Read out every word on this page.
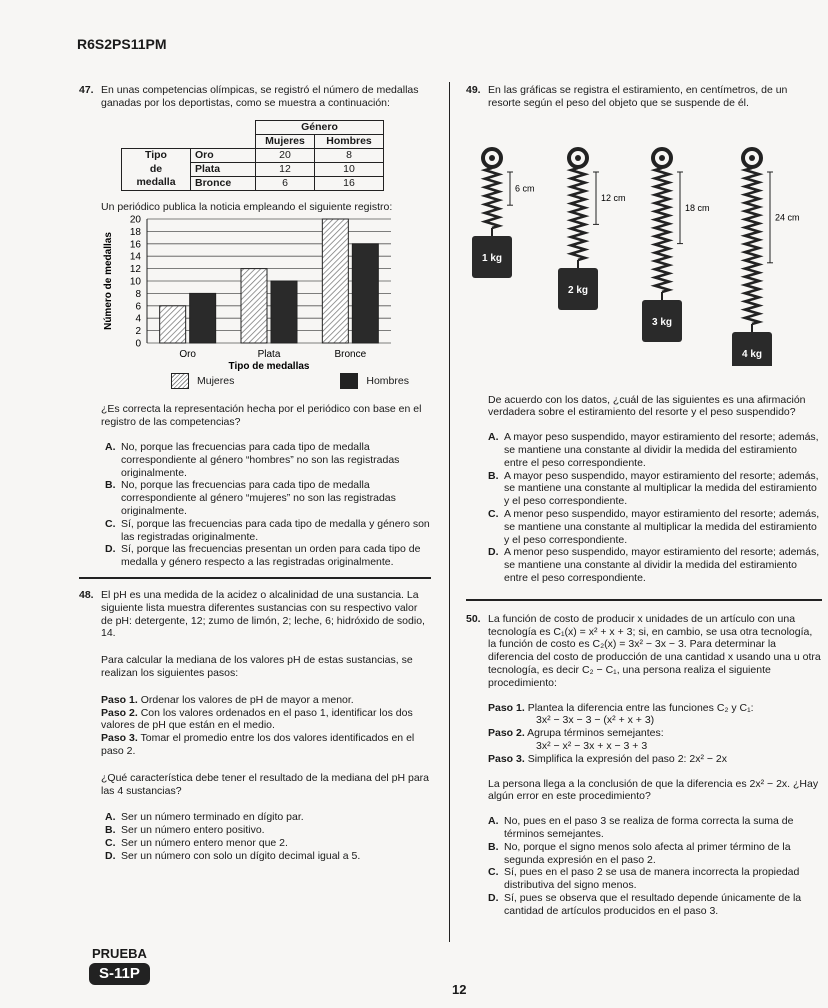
R6S2PS11PM

47. En unas competencias olímpicas, se registró el número de medallas ganadas por los deportistas, como se muestra a continuación:

		Género	
		Mujeres	Hombres

Tipo
de
medalla	Oro	20	8
	Plata	12	10
	Bronce	6	16

Un periódico publica la noticia empleando el siguiente registro:

0
2
4
6
8
10
12
14
16
18
20
Número de medallas
Oro	Plata	Bronce
Tipo de medallas
Mujeres	Hombres

¿Es correcta la representación hecha por el periódico con base en el registro de las competencias?

A. No, porque las frecuencias para cada tipo de medalla correspondiente al género “hombres” no son las registradas originalmente.

B. No, porque las frecuencias para cada tipo de medalla correspondiente al género “mujeres” no son las registradas originalmente.

C. Sí, porque las frecuencias para cada tipo de medalla y género son las registradas originalmente.

D. Sí, porque las frecuencias presentan un orden para cada tipo de medalla y género respecto a las registradas originalmente.

48. El pH es una medida de la acidez o alcalinidad de una sustancia. La siguiente lista muestra diferentes sustancias con su respectivo valor de pH: detergente, 12; zumo de limón, 2; leche, 6; hidróxido de sodio, 14.

Para calcular la mediana de los valores pH de estas sustancias, se realizan los siguientes pasos:

Paso 1. Ordenar los valores de pH de mayor a menor.

Paso 2. Con los valores ordenados en el paso 1, identificar los dos valores de pH que están en el medio.

Paso 3. Tomar el promedio entre los dos valores identificados en el paso 2.

¿Qué característica debe tener el resultado de la mediana del pH para las 4 sustancias?

A. Ser un número terminado en dígito par.

B. Ser un número entero positivo.

C. Ser un número entero menor que 2.

D. Ser un número con solo un dígito decimal igual a 5.

49. En las gráficas se registra el estiramiento, en centímetros, de un resorte según el peso del objeto que se suspende de él.

1 kg
6 cm
2 kg
12 cm
3 kg
18 cm
4 kg
24 cm

De acuerdo con los datos, ¿cuál de las siguientes es una afirmación verdadera sobre el estiramiento del resorte y el peso suspendido?

A. A mayor peso suspendido, mayor estiramiento del resorte; además, se mantiene una constante al dividir la medida del estiramiento entre el peso correspondiente.

B. A mayor peso suspendido, mayor estiramiento del resorte; además, se mantiene una constante al multiplicar la medida del estiramiento y el peso correspondiente.

C. A menor peso suspendido, mayor estiramiento del resorte; además, se mantiene una constante al multiplicar la medida del estiramiento y el peso correspondiente.

D. A menor peso suspendido, mayor estiramiento del resorte; además, se mantiene una constante al dividir la medida del estiramiento entre el peso correspondiente.

50. La función de costo de producir x unidades de un artículo con una tecnología es C₁(x) = x² + x + 3; si, en cambio, se usa otra tecnología, la función de costo es C₂(x) = 3x² − 3x − 3. Para determinar la diferencia del costo de producción de una cantidad x usando una u otra tecnología, es decir C₂ − C₁, una persona realiza el siguiente procedimiento:

Paso 1. Plantea la diferencia entre las funciones C₂ y C₁:

3x² − 3x − 3 − (x² + x + 3)

Paso 2. Agrupa términos semejantes:

3x² − x² − 3x + x − 3 + 3

Paso 3. Simplifica la expresión del paso 2: 2x² − 2x

La persona llega a la conclusión de que la diferencia es 2x² − 2x. ¿Hay algún error en este procedimiento?

A. No, pues en el paso 3 se realiza de forma correcta la suma de términos semejantes.

B. No, porque el signo menos solo afecta al primer término de la segunda expresión en el paso 2.

C. Sí, pues en el paso 2 se usa de manera incorrecta la propiedad distributiva del signo menos.

D. Sí, pues se observa que el resultado depende únicamente de la cantidad de artículos producidos en el paso 3.

PRUEBA
S-11P
12
